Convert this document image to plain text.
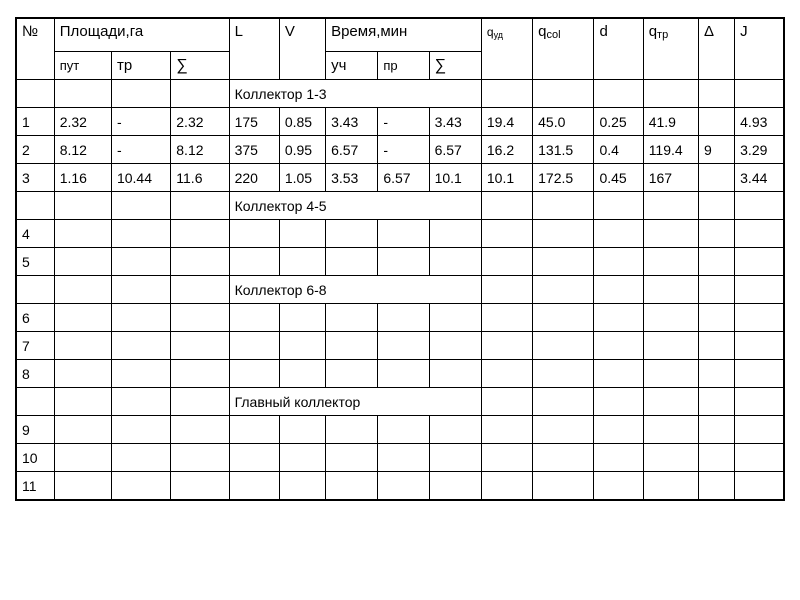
№	Площади,га			L	V	Время,мин			qуд	qcol	d	qтр	Δ	J
	пут	тр	∑			уч	пр	∑						
				Коллектор 1-3										
1	2.32	-	2.32	175	0.85	3.43	-	3.43	19.4	45.0	0.25	41.9		4.93
2	8.12	-	8.12	375	0.95	6.57	-	6.57	16.2	131.5	0.4	119.4	9	3.29
3	1.16	10.44	11.6	220	1.05	3.53	6.57	10.1	10.1	172.5	0.45	167		3.44
				Коллектор 4-5										
4														
5														
				Коллектор 6-8										
6														
7														
8														
				Главный коллектор										
9														
10														
11														
